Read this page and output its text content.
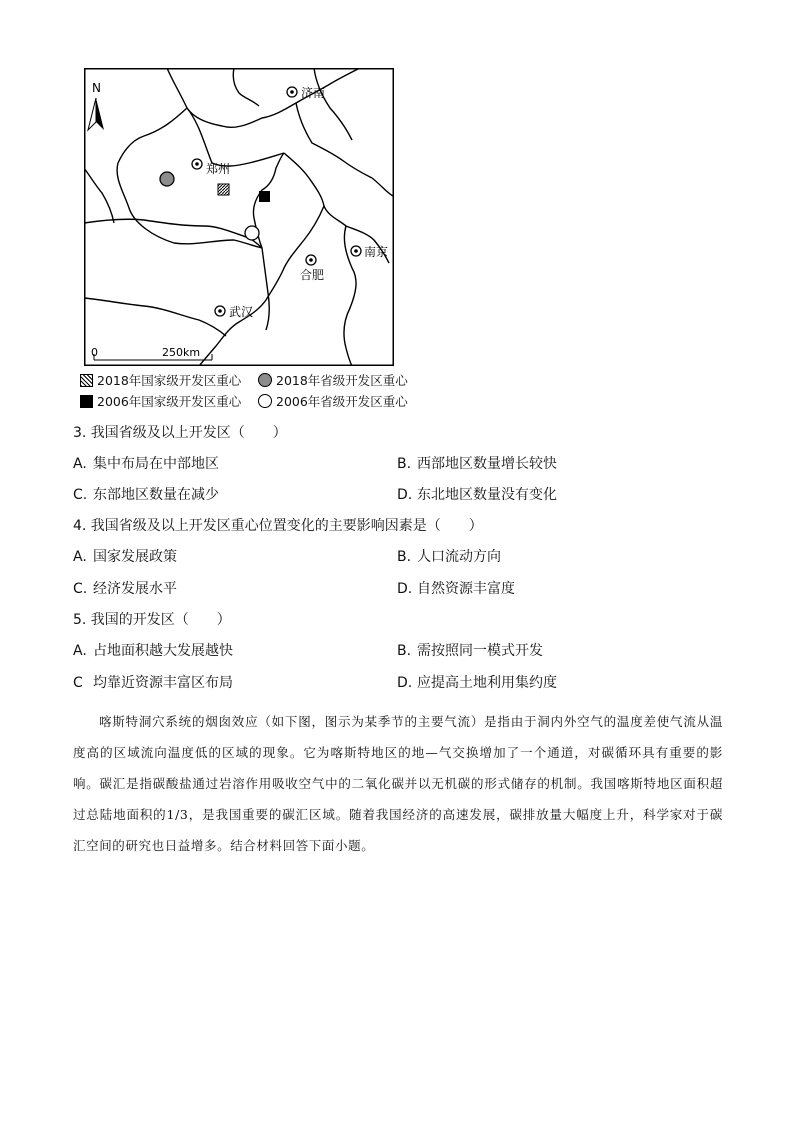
济南
郑州
南京
合肥
武汉
N
0	250km
2018年国家级开发区重心	2018年省级开发区重心
2006年国家级开发区重心	2006年省级开发区重心
3. 我国省级及以上开发区（　　）
A. 集中布局在中部地区	B. 西部地区数量增长较快
C. 东部地区数量在减少	D. 东北地区数量没有变化
4. 我国省级及以上开发区重心位置变化的主要影响因素是（　　）
A. 国家发展政策	B. 人口流动方向
C. 经济发展水平	D. 自然资源丰富度
5. 我国的开发区（　　）
A. 占地面积越大发展越快	B. 需按照同一模式开发
C 均靠近资源丰富区布局	D. 应提高土地利用集约度
喀斯特洞穴系统的烟囱效应（如下图，图示为某季节的主要气流）是指由于洞内外空气的温度差使气流从温度高的区域流向温度低的区域的现象。它为喀斯特地区的地—气交换增加了一个通道，对碳循环具有重要的影响。碳汇是指碳酸盐通过岩溶作用吸收空气中的二氧化碳并以无机碳的形式储存的机制。我国喀斯特地区面积超过总陆地面积的1/3，是我国重要的碳汇区域。随着我国经济的高速发展，碳排放量大幅度上升，科学家对于碳汇空间的研究也日益增多。结合材料回答下面小题。
